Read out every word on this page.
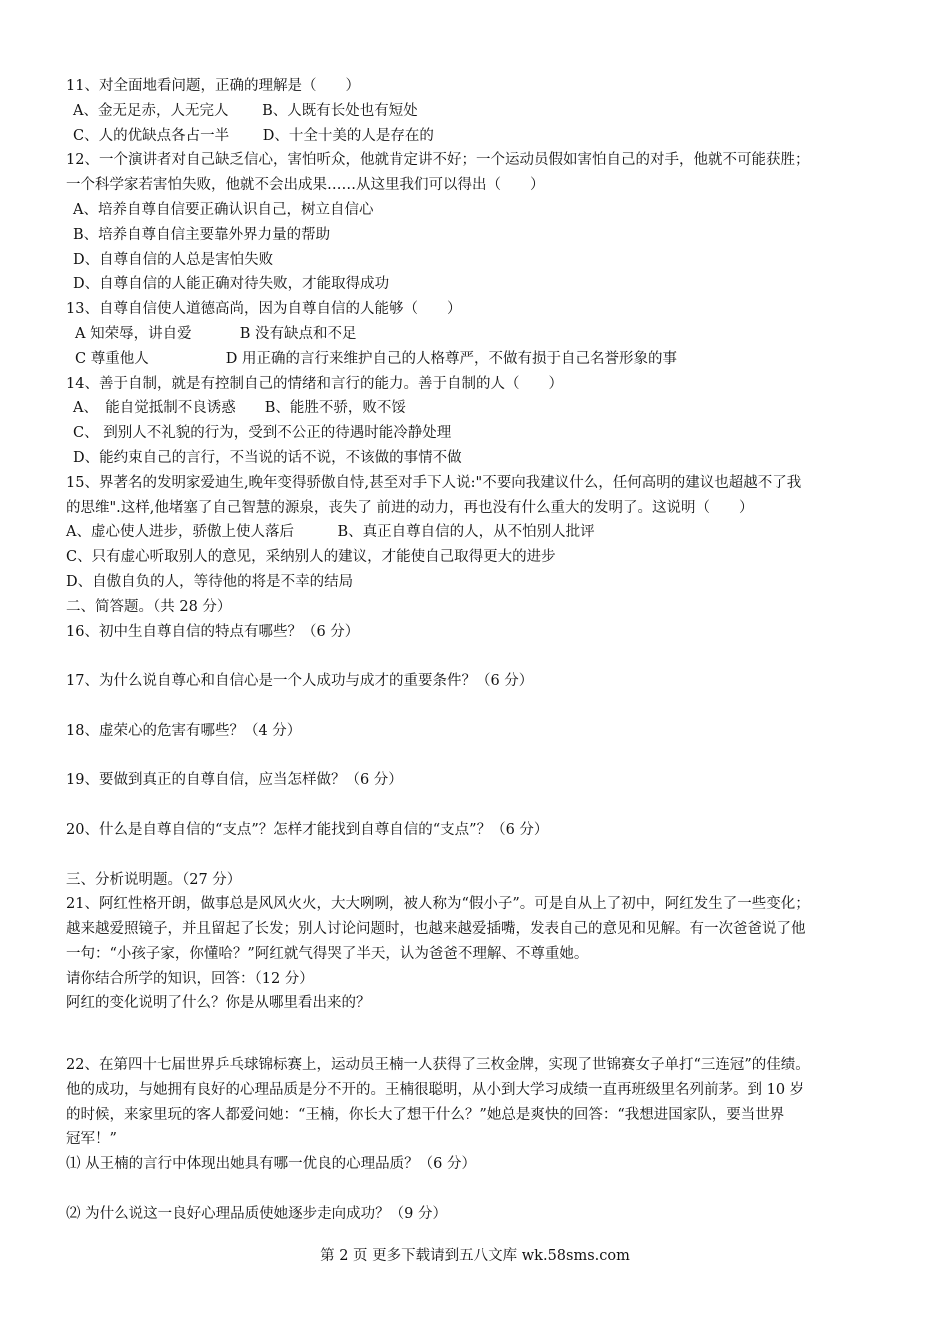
11、对全面地看问题，正确的理解是（　　）

A、金无足赤，人无完人　　 B、人既有长处也有短处

C、人的优缺点各占一半　　 D、十全十美的人是存在的

12、一个演讲者对自己缺乏信心，害怕听众，他就肯定讲不好；一个运动员假如害怕自己的对手，他就不可能获胜；

一个科学家若害怕失败，他就不会出成果……从这里我们可以得出（　　）

A、培养自尊自信要正确认识自己，树立自信心

B、培养自尊自信主要靠外界力量的帮助

D、自尊自信的人总是害怕失败

D、自尊自信的人能正确对待失败，才能取得成功

13、自尊自信使人道德高尚，因为自尊自信的人能够（　　）

A 知荣辱，讲自爱　　　 B 没有缺点和不足

C 尊重他人　　　　　 D 用正确的言行来维护自己的人格尊严，不做有损于自己名誉形象的事

14、善于自制，就是有控制自己的情绪和言行的能力。善于自制的人（　　）

A、　能自觉抵制不良诱惑　　B、能胜不骄，败不馁

C、 到别人不礼貌的行为，受到不公正的待遇时能冷静处理

D、能约束自己的言行，不当说的话不说，不该做的事情不做

15、界著名的发明家爱迪生,晚年变得骄傲自恃,甚至对手下人说:"不要向我建议什么，任何高明的建议也超越不了我

的思维".这样,他堵塞了自己智慧的源泉，丧失了 前进的动力，再也没有什么重大的发明了。这说明（　　）

A、虚心使人进步，骄傲上使人落后　　　B、真正自尊自信的人，从不怕别人批评

C、只有虚心听取别人的意见，采纳别人的建议，才能使自己取得更大的进步

D、自傲自负的人，等待他的将是不幸的结局

二、简答题。（共 28 分）

16、初中生自尊自信的特点有哪些？（6 分）

17、为什么说自尊心和自信心是一个人成功与成才的重要条件？（6 分）

18、虚荣心的危害有哪些？（4 分）

19、要做到真正的自尊自信，应当怎样做？（6 分）

20、什么是自尊自信的“支点”？怎样才能找到自尊自信的“支点”？（6 分）

三、分析说明题。（27 分）

21、阿红性格开朗，做事总是风风火火，大大咧咧，被人称为“假小子”。可是自从上了初中，阿红发生了一些变化；

越来越爱照镜子，并且留起了长发；别人讨论问题时，也越来越爱插嘴，发表自己的意见和见解。有一次爸爸说了他

一句：“小孩子家，你懂哈？”阿红就气得哭了半天，认为爸爸不理解、不尊重她。

请你结合所学的知识，回答：（12 分）

阿红的变化说明了什么？你是从哪里看出来的？

22、在第四十七届世界乒乓球锦标赛上，运动员王楠一人获得了三枚金牌，实现了世锦赛女子单打“三连冠”的佳绩。

他的成功，与她拥有良好的心理品质是分不开的。王楠很聪明，从小到大学习成绩一直再班级里名列前茅。到 10 岁

的时候，来家里玩的客人都爱问她：“王楠，你长大了想干什么？”她总是爽快的回答：“我想进国家队，要当世界

冠军！”

⑴ 从王楠的言行中体现出她具有哪一优良的心理品质？（6 分）

⑵ 为什么说这一良好心理品质使她逐步走向成功？（9 分）

第 2 页 更多下载请到五八文库 wk.58sms.com
